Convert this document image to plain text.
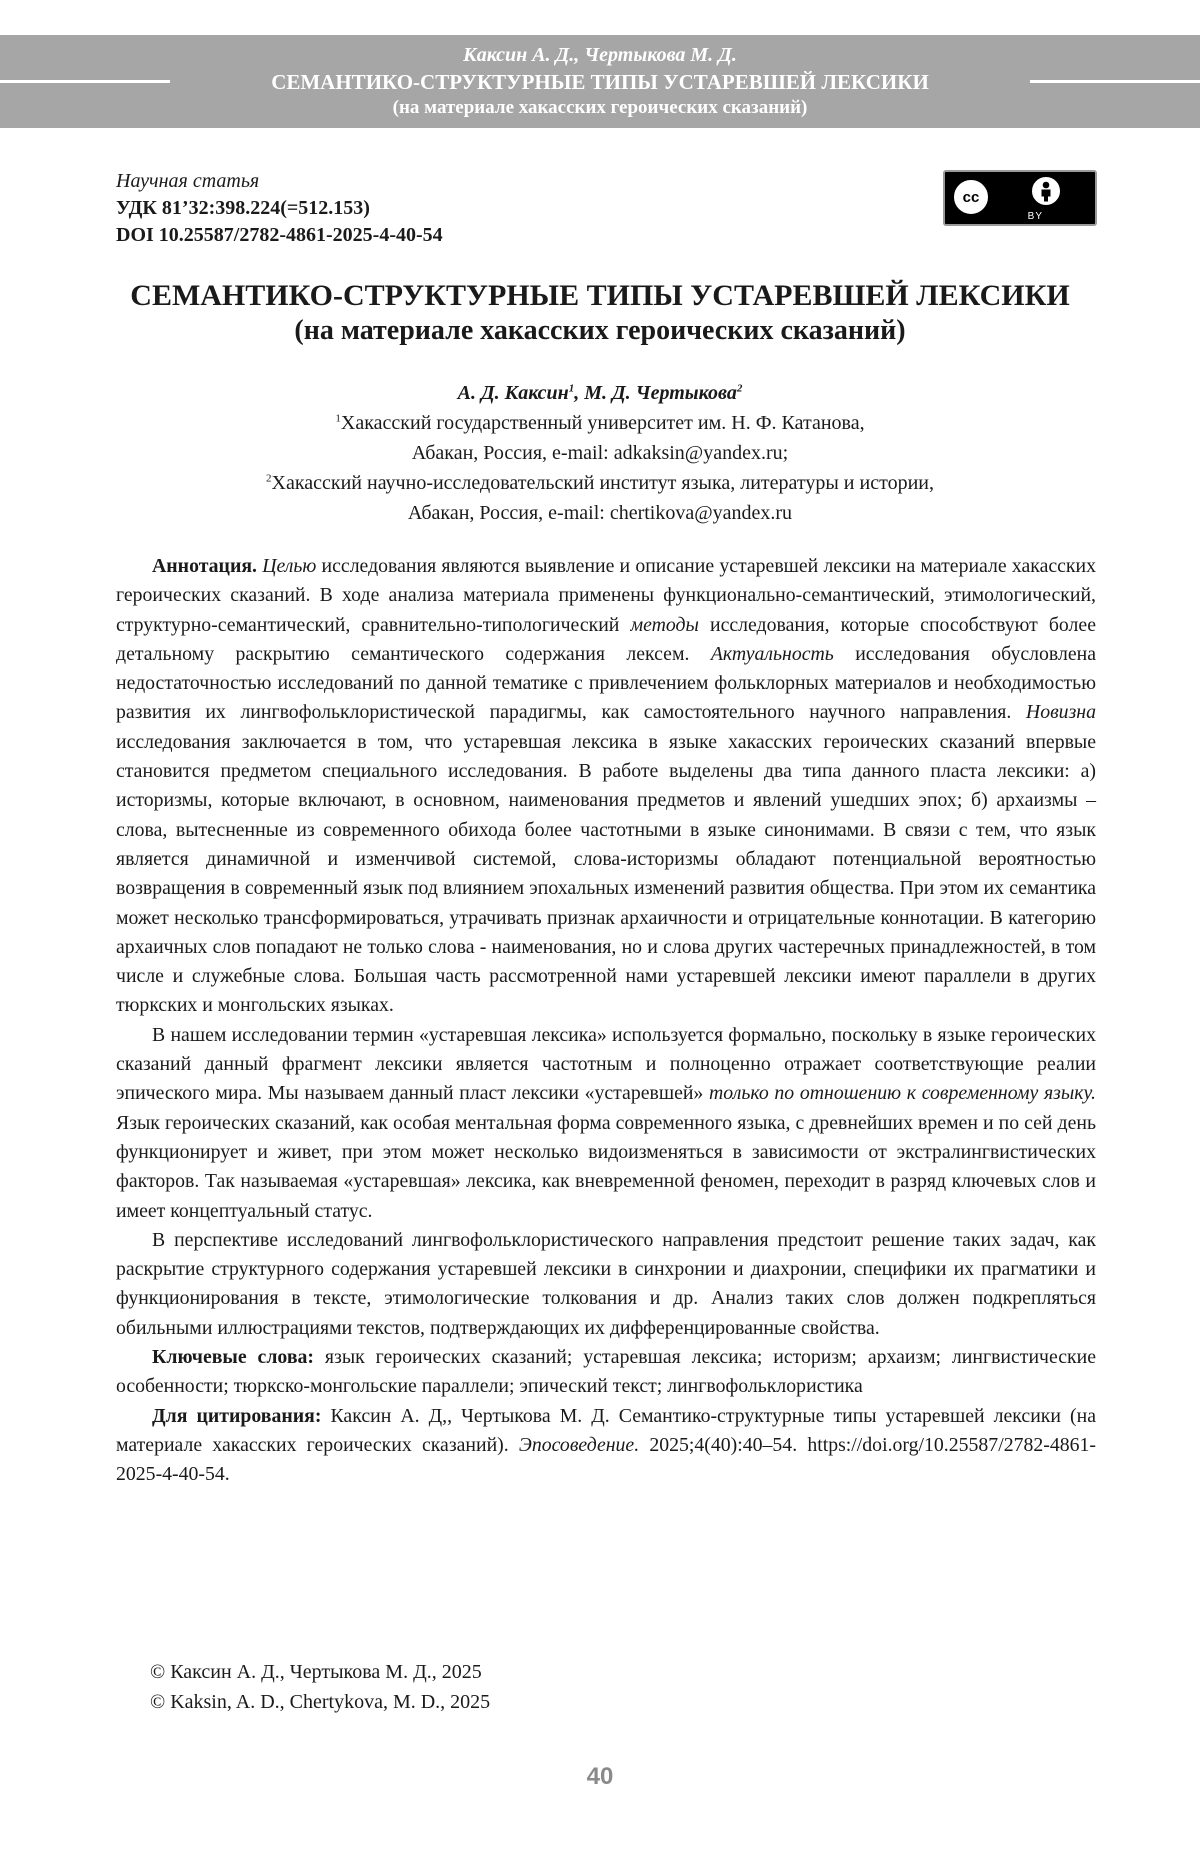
Каксин А. Д., Чертыкова М. Д.
СЕМАНТИКО-СТРУКТУРНЫЕ ТИПЫ УСТАРЕВШЕЙ ЛЕКСИКИ
(на материале хакасских героических сказаний)
Научная статья
УДК 81’32:398.224(=512.153)
DOI 10.25587/2782-4861-2025-4-40-54
cc
BY
СЕМАНТИКО-СТРУКТУРНЫЕ ТИПЫ УСТАРЕВШЕЙ ЛЕКСИКИ
(на материале хакасских героических сказаний)
А. Д. Каксин$^1$, М. Д. Чертыкова$^2$
$^1$Хакасский государственный университет им. Н. Ф. Катанова,
Абакан, Россия, e-mail: adkaksin@yandex.ru;
$^2$Хакасский научно-исследовательский институт языка, литературы и истории,
Абакан, Россия, e-mail: chertikova@yandex.ru

Аннотация. Целью исследования являются выявление и описание устаревшей лексики на материале хакасских героических сказаний. В ходе анализа материала применены функционально-семантический, этимологический, структурно-семантический, сравнительно-типологический методы исследования, которые способствуют более детальному раскрытию семантического содержания лексем. Актуальность исследования обусловлена недостаточностью исследований по данной тематике с привлечением фольклорных материалов и необходимостью развития их лингвофольклористической парадигмы, как самостоятельного научного направления. Новизна исследования заключается в том, что устаревшая лексика в языке хакасских героических сказаний впервые становится предметом специального исследования. В работе выделены два типа данного пласта лексики: а) историзмы, которые включают, в основном, наименования предметов и явлений ушедших эпох; б) архаизмы – слова, вытесненные из современного обихода более частотными в языке синонимами. В связи с тем, что язык является динамичной и изменчивой системой, слова-историзмы обладают потенциальной вероятностью возвращения в современный язык под влиянием эпохальных изменений развития общества. При этом их семантика может несколько трансформироваться, утрачивать признак архаичности и отрицательные коннотации. В категорию архаичных слов попадают не только слова - наименования, но и слова других частеречных принадлежностей, в том числе и служебные слова. Большая часть рассмотренной нами устаревшей лексики имеют параллели в других тюркских и монгольских языках.

В нашем исследовании термин «устаревшая лексика» используется формально, поскольку в языке героических сказаний данный фрагмент лексики является частотным и полноценно отражает соответствующие реалии эпического мира. Мы называем данный пласт лексики «устаревшей» только по отношению к современному языку. Язык героических сказаний, как особая ментальная форма современного языка, с древнейших времен и по сей день функционирует и живет, при этом может несколько видоизменяться в зависимости от экстралингвистических факторов. Так называемая «устаревшая» лексика, как вневременной феномен, переходит в разряд ключевых слов и имеет концептуальный статус.

В перспективе исследований лингвофольклористического направления предстоит решение таких задач, как раскрытие структурного содержания устаревшей лексики в синхронии и диахронии, специфики их прагматики и функционирования в тексте, этимологические толкования и др. Анализ таких слов должен подкрепляться обильными иллюстрациями текстов, подтверждающих их дифференцированные свойства.

Ключевые слова: язык героических сказаний; устаревшая лексика; историзм; архаизм; лингвистические особенности; тюркско-монгольские параллели; эпический текст; лингвофольклористика

Для цитирования: Каксин А. Д,, Чертыкова М. Д. Семантико-структурные типы устаревшей лексики (на материале хакасских героических сказаний). Эпосоведение. 2025;4(40):40–54. https://doi.org/10.25587/2782-4861-2025-4-40-54.

© Каксин А. Д., Чертыкова М. Д., 2025
© Kaksin, A. D., Chertykova, M. D., 2025
40
